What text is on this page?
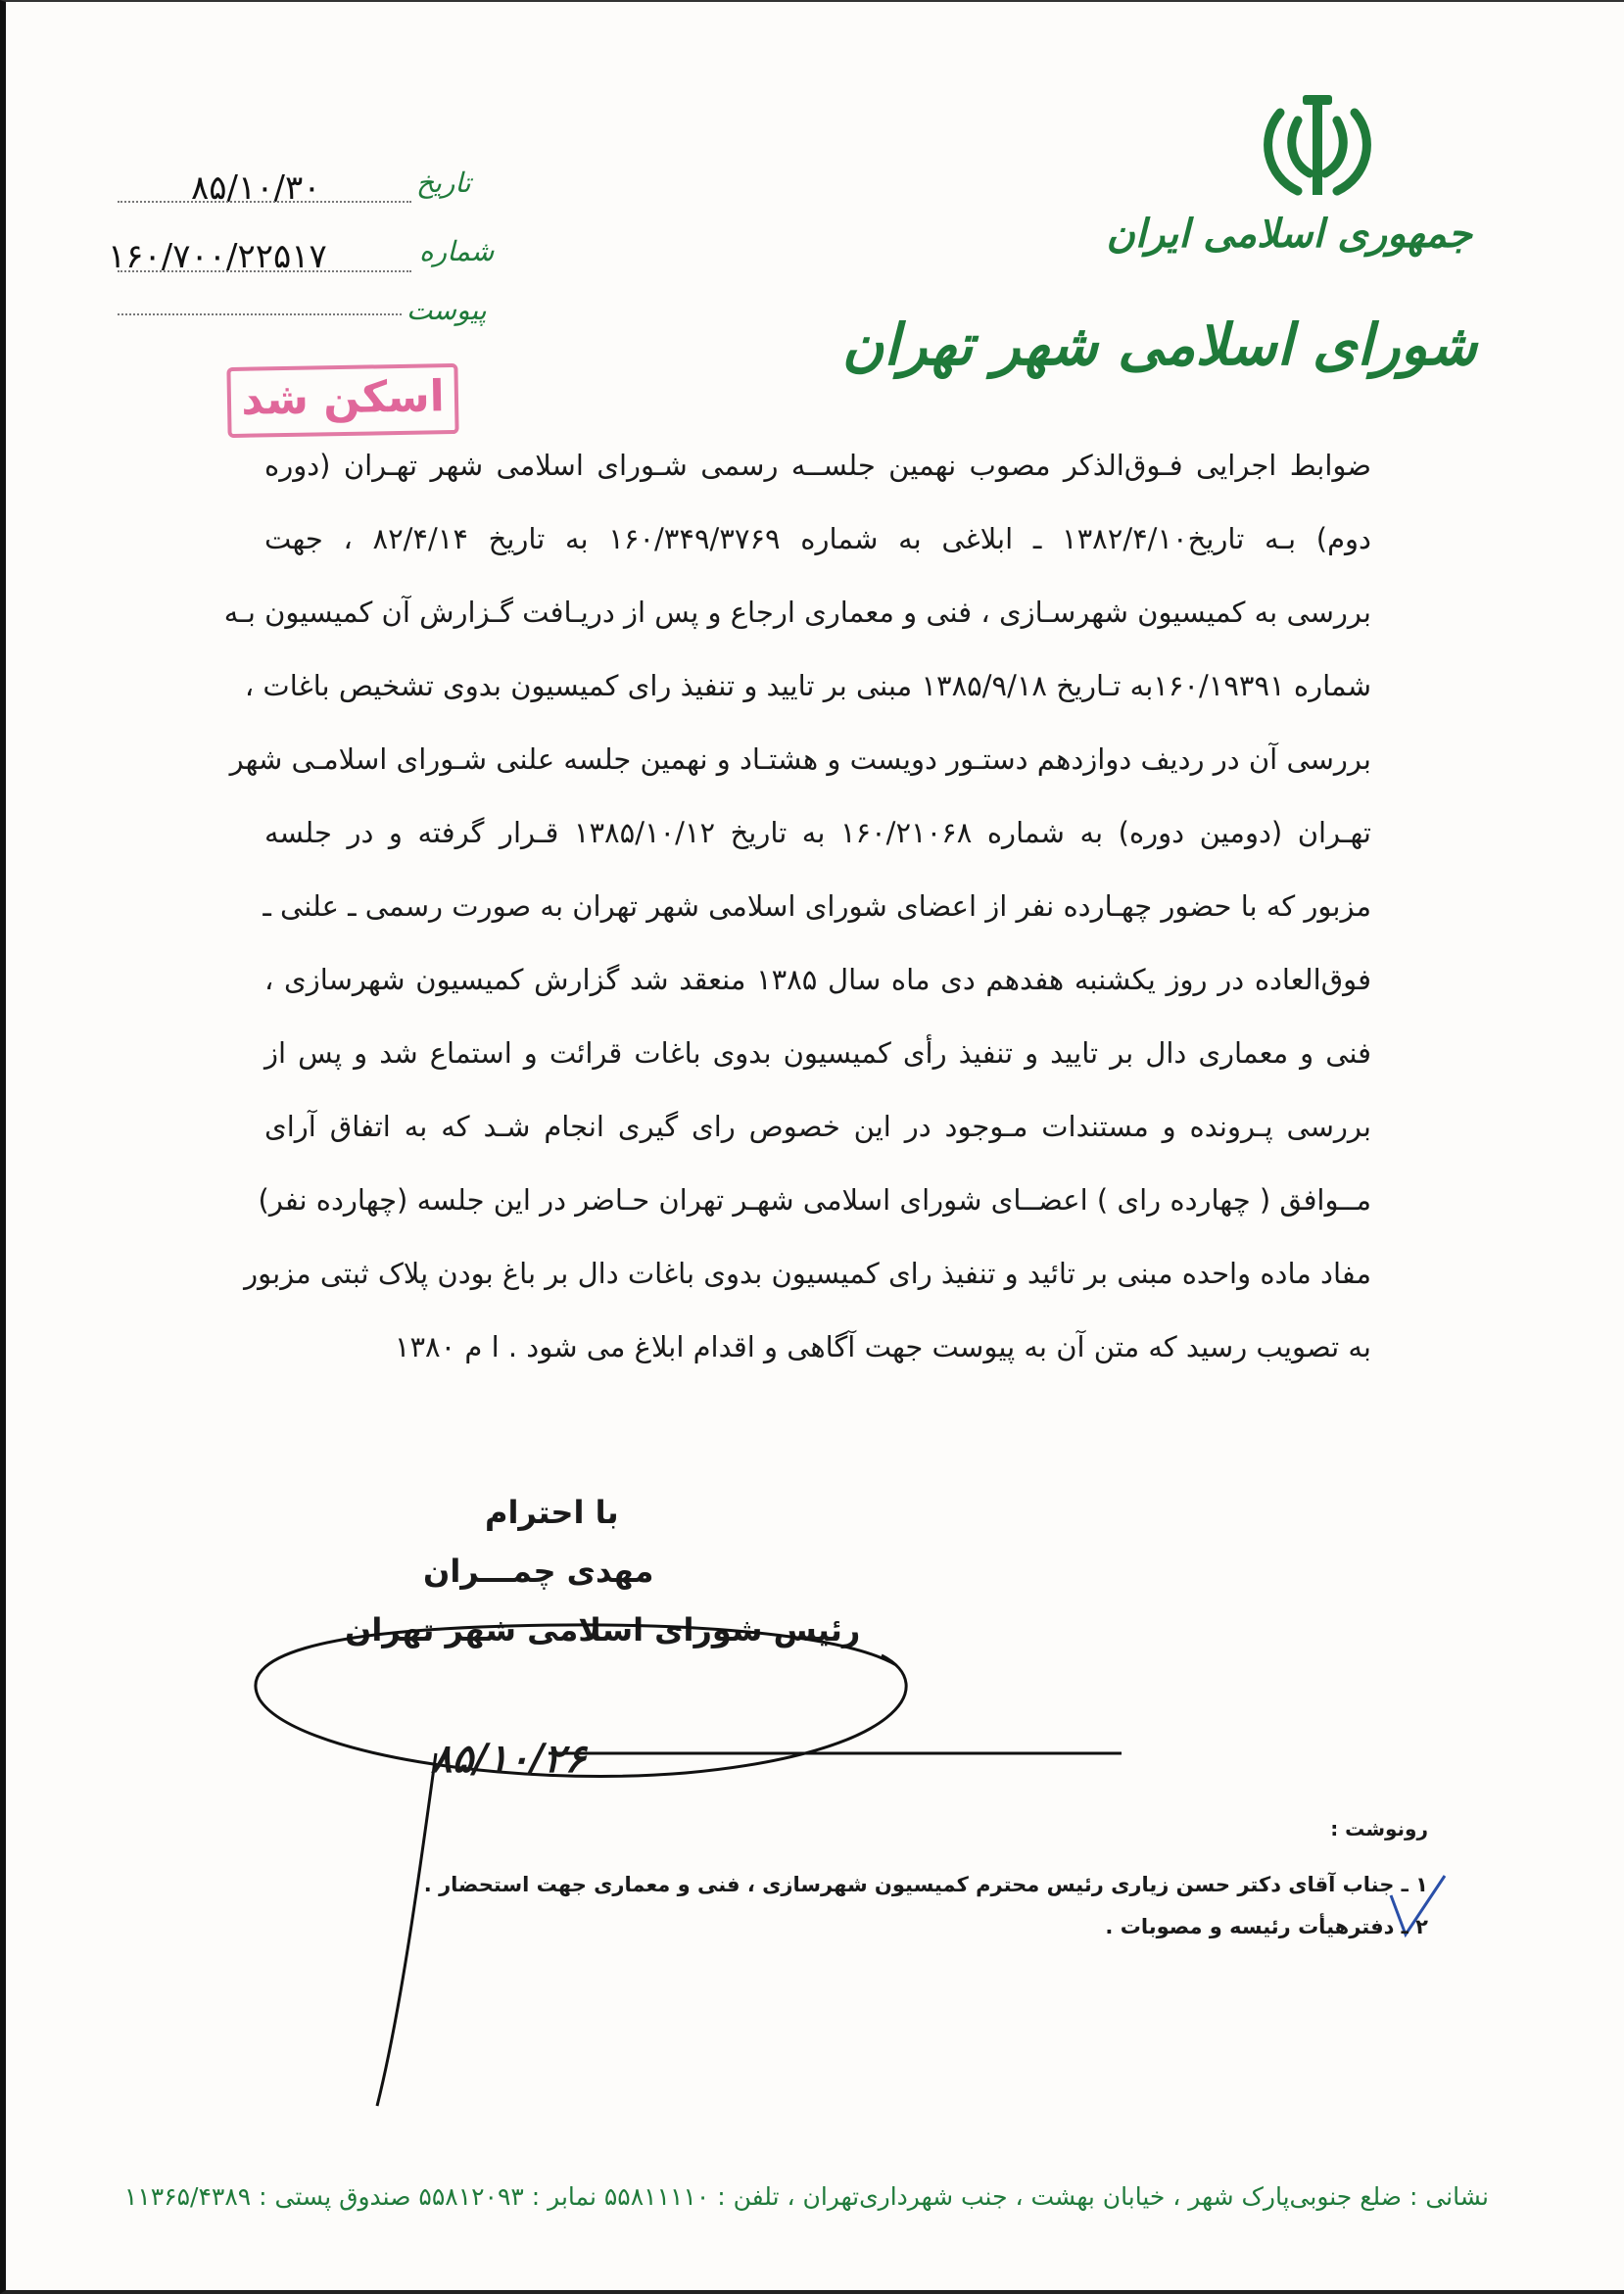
جمهوری اسلامی ایران
شورای اسلامی شهر تهران
تاریخ
۸۵/۱۰/۳۰
شماره
۱۶۰/۷۰۰/۲۲۵۱۷
پیوست
اسکن شد

ضوابط اجرایی فـوق‌الذکر مصوب نهمین جلســه رسمی شـورای اسلامی شهر تهـران (دوره

دوم) بـه تاریخ۱۳۸۲/۴/۱۰ ـ ابلاغی به شماره ۱۶۰/۳۴۹/۳۷۶۹ به تاریخ ۸۲/۴/۱۴ ، جهت

بررسی به کمیسیون شهرسـازی ، فنی و معماری ارجاع و پس از دریـافت گـزارش آن کمیسیون بـه

شماره ۱۶۰/۱۹۳۹۱به تـاریخ ۱۳۸۵/۹/۱۸ مبنی بر تایید و تنفیذ رای کمیسیون بدوی تشخیص باغات ،

بررسی آن در ردیف دوازدهم دستـور دویست و هشتـاد و نهمین جلسه علنی شـورای اسلامـی شهر

تهـران (دومین دوره) به شماره ۱۶۰/۲۱۰۶۸ به تاریخ ۱۳۸۵/۱۰/۱۲ قـرار گرفته و در جلسه

مزبور که با حضور چهـارده نفر از اعضای شورای اسلامی شهر تهران به صورت رسمی ـ علنی ـ

فوق‌العاده در روز یکشنبه هفدهم دی ماه سال ۱۳۸۵ منعقد شد گزارش کمیسیون شهرسازی ،

فنی و معماری دال بر تایید و تنفیذ رأی کمیسیون بدوی باغات قرائت و استماع شد و پس از

بررسی پـرونده و مستندات مـوجود در این خصوص رای گیری انجام شـد که به اتفاق آرای

مــوافق ( چهارده رای ) اعضــای شورای اسلامی شهـر تهران حـاضر در این جلسه (چهارده نفر)

مفاد ماده واحده مبنی بر تائید و تنفیذ رای کمیسیون بدوی باغات دال بر باغ بودن پلاک ثبتی مزبور

به تصویب رسید که متن آن به پیوست جهت آگاهی و اقدام ابلاغ می شود . ا م ۱۳۸۰

با احترام
مهدی چمـــران
رئیس شورای اسلامی شهر تهران
۸۵/۱۰/۲۶
رونوشت :
۱ ـ جناب آقای دکتر حسن زیاری رئیس محترم کمیسیون شهرسازی ، فنی و معماری جهت استحضار .
۲ ـ دفترهیأت رئیسه و مصوبات .
نشانی : ضلع جنوبی‌پارک شهر ، خیابان بهشت ، جنب شهرداری‌تهران ، تلفن : ۵۵۸۱۱۱۱۰ نمابر : ۵۵۸۱۲۰۹۳ صندوق پستی : ۱۱۳۶۵/۴۳۸۹
